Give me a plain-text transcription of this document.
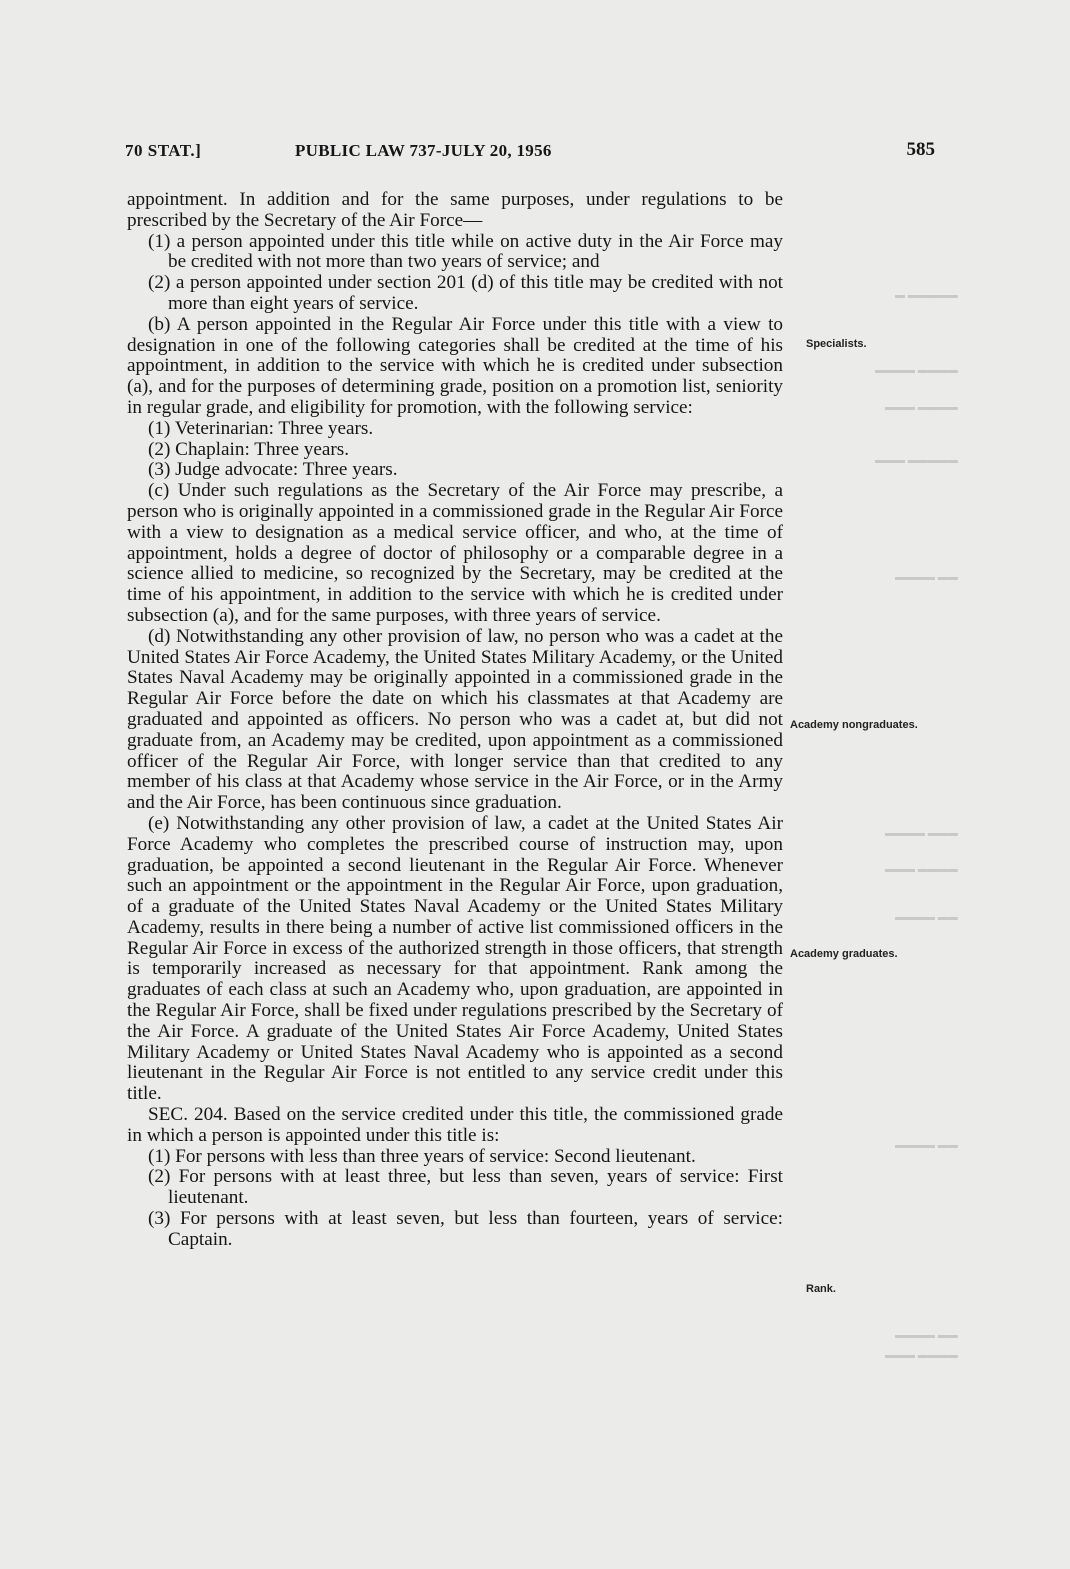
70 STAT.]	PUBLIC LAW 737-JULY 20, 1956	585
▬▬▬▬▬ ▬
▬▬▬▬ ▬▬▬▬
▬▬▬▬ ▬▬▬
▬▬▬▬▬ ▬▬▬
▬▬ ▬▬▬▬
▬▬▬ ▬▬▬▬
▬▬▬▬ ▬▬▬
▬▬ ▬▬▬▬
▬▬ ▬▬▬▬
▬▬ ▬▬▬▬
▬▬▬▬ ▬▬▬

appointment. In addition and for the same purposes, under regulations to be prescribed by the Secretary of the Air Force—

(1) a person appointed under this title while on active duty in the Air Force may be credited with not more than two years of service; and

(2) a person appointed under section 201 (d) of this title may be credited with not more than eight years of service.

(b) A person appointed in the Regular Air Force under this title with a view to designation in one of the following categories shall be credited at the time of his appointment, in addition to the service with which he is credited under subsection (a), and for the purposes of determining grade, position on a promotion list, seniority in regular grade, and eligibility for promotion, with the following service:

(1) Veterinarian: Three years.

(2) Chaplain: Three years.

(3) Judge advocate: Three years.

(c) Under such regulations as the Secretary of the Air Force may prescribe, a person who is originally appointed in a commissioned grade in the Regular Air Force with a view to designation as a medical service officer, and who, at the time of appointment, holds a degree of doctor of philosophy or a comparable degree in a science allied to medicine, so recognized by the Secretary, may be credited at the time of his appointment, in addition to the service with which he is credited under subsection (a), and for the same purposes, with three years of service.

(d) Notwithstanding any other provision of law, no person who was a cadet at the United States Air Force Academy, the United States Military Academy, or the United States Naval Academy may be originally appointed in a commissioned grade in the Regular Air Force before the date on which his classmates at that Academy are graduated and appointed as officers. No person who was a cadet at, but did not graduate from, an Academy may be credited, upon appointment as a commissioned officer of the Regular Air Force, with longer service than that credited to any member of his class at that Academy whose service in the Air Force, or in the Army and the Air Force, has been continuous since graduation.

(e) Notwithstanding any other provision of law, a cadet at the United States Air Force Academy who completes the prescribed course of instruction may, upon graduation, be appointed a second lieutenant in the Regular Air Force. Whenever such an appointment or the appointment in the Regular Air Force, upon graduation, of a graduate of the United States Naval Academy or the United States Military Academy, results in there being a number of active list commissioned officers in the Regular Air Force in excess of the authorized strength in those officers, that strength is temporarily increased as necessary for that appointment. Rank among the graduates of each class at such an Academy who, upon graduation, are appointed in the Regular Air Force, shall be fixed under regulations prescribed by the Secretary of the Air Force. A graduate of the United States Air Force Academy, United States Military Academy or United States Naval Academy who is appointed as a second lieutenant in the Regular Air Force is not entitled to any service credit under this title.

SEC. 204. Based on the service credited under this title, the commissioned grade in which a person is appointed under this title is:

(1) For persons with less than three years of service: Second lieutenant.

(2) For persons with at least three, but less than seven, years of service: First lieutenant.

(3) For persons with at least seven, but less than fourteen, years of service: Captain.

Specialists.
Academy nongraduates.
Academy graduates.
Rank.
